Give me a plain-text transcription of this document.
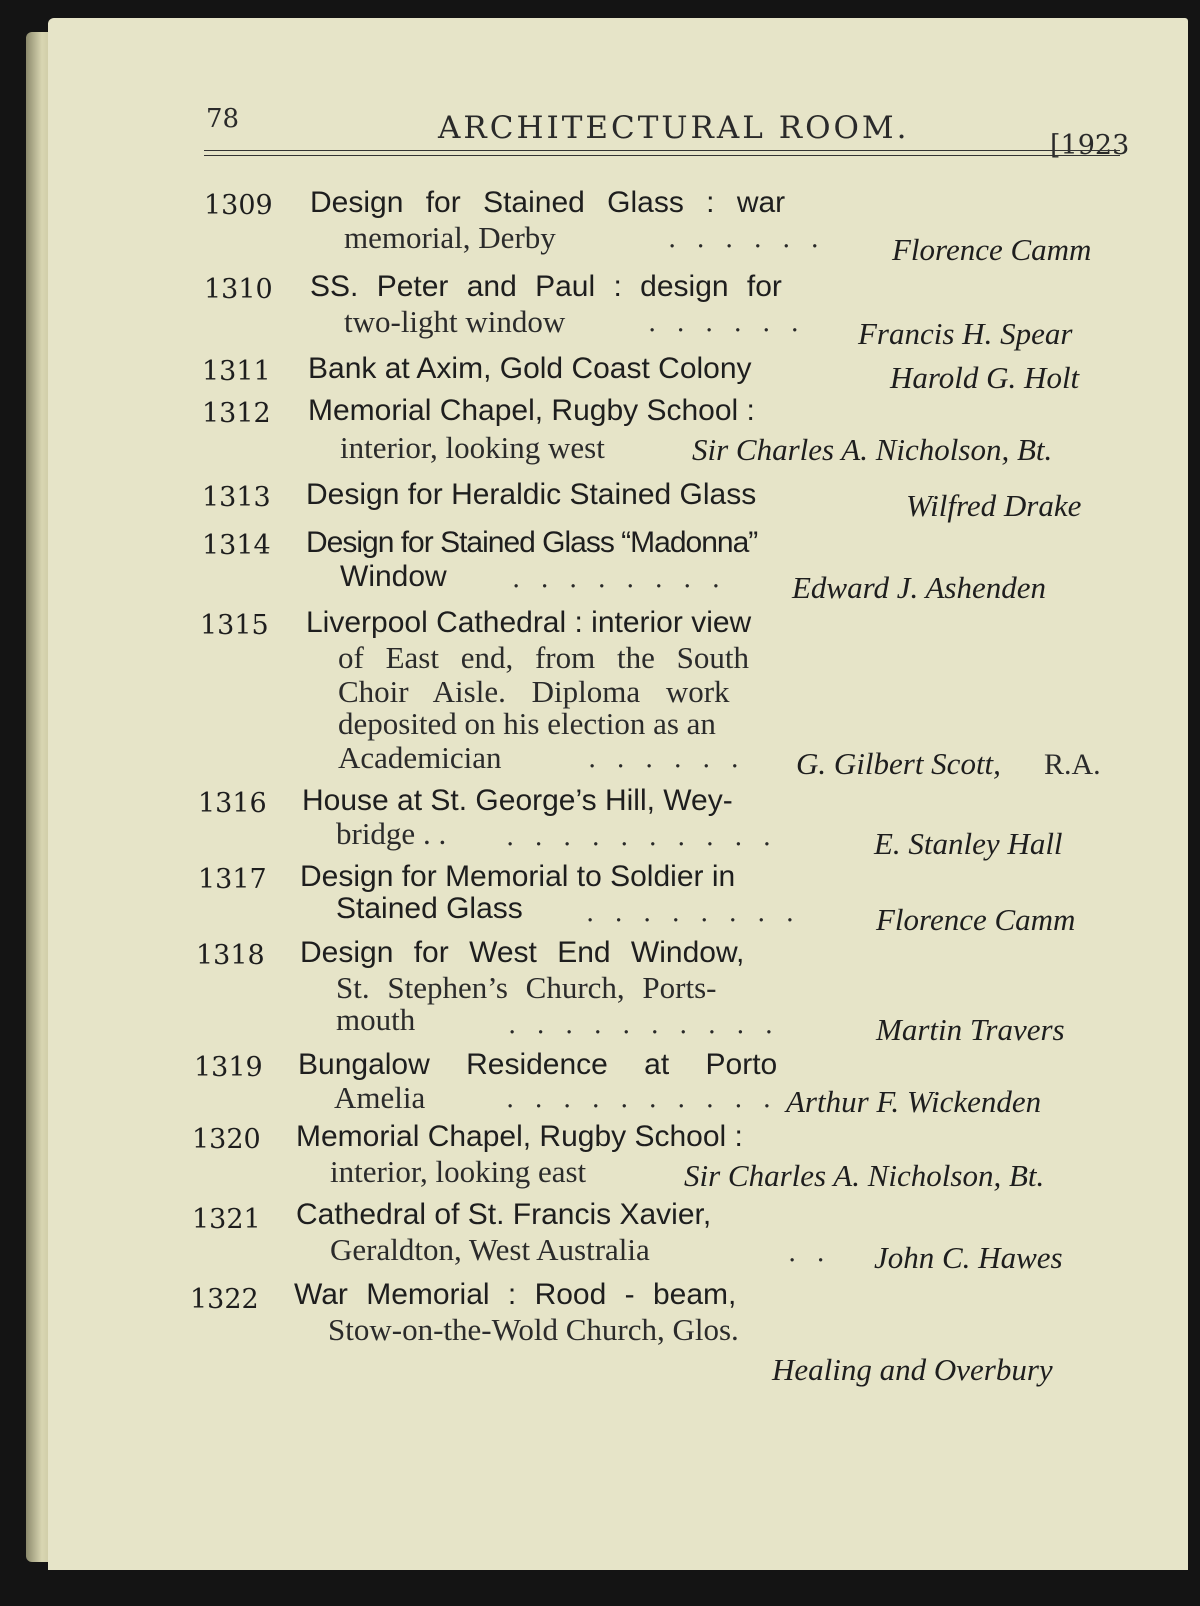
78	ARCHITECTURAL ROOM.	[1923
1309 Design for Stained Glass : war
memorial, Derby	. . . . . . Florence Camm
1310 SS. Peter and Paul : design for
two-light window	. . . . . . Francis H. Spear
1311 Bank at Axim, Gold Coast Colony	Harold G. Holt
1312 Memorial Chapel, Rugby School :
interior, looking west	Sir Charles A. Nicholson, Bt.
1313 Design for Heraldic Stained Glass	Wilfred Drake
1314 Design for Stained Glass “Madonna”
Window	. . . . . . . . Edward J. Ashenden
1315 Liverpool Cathedral : interior view
of East end, from the South
Choir Aisle. Diploma work
deposited on his election as an
Academician	. . . . . . G. Gilbert Scott, R.A.
1316 House at St. George’s Hill, Wey-
bridge . . . . . . . . . . . .	E. Stanley Hall
1317 Design for Memorial to Soldier in
Stained Glass . . . . . . . . Florence Camm
1318 Design for West End Window,
St. Stephen’s Church, Ports-
mouth	. . . . . . . . . .	Martin Travers
1319 Bungalow Residence at Porto
Amelia	. . . . . . . . . . Arthur F. Wickenden
1320 Memorial Chapel, Rugby School :
interior, looking east	Sir Charles A. Nicholson, Bt.
1321 Cathedral of St. Francis Xavier,
Geraldton, West Australia	. . John C. Hawes
1322 War Memorial : Rood - beam,
Stow-on-the-Wold Church, Glos.
Healing and Overbury
